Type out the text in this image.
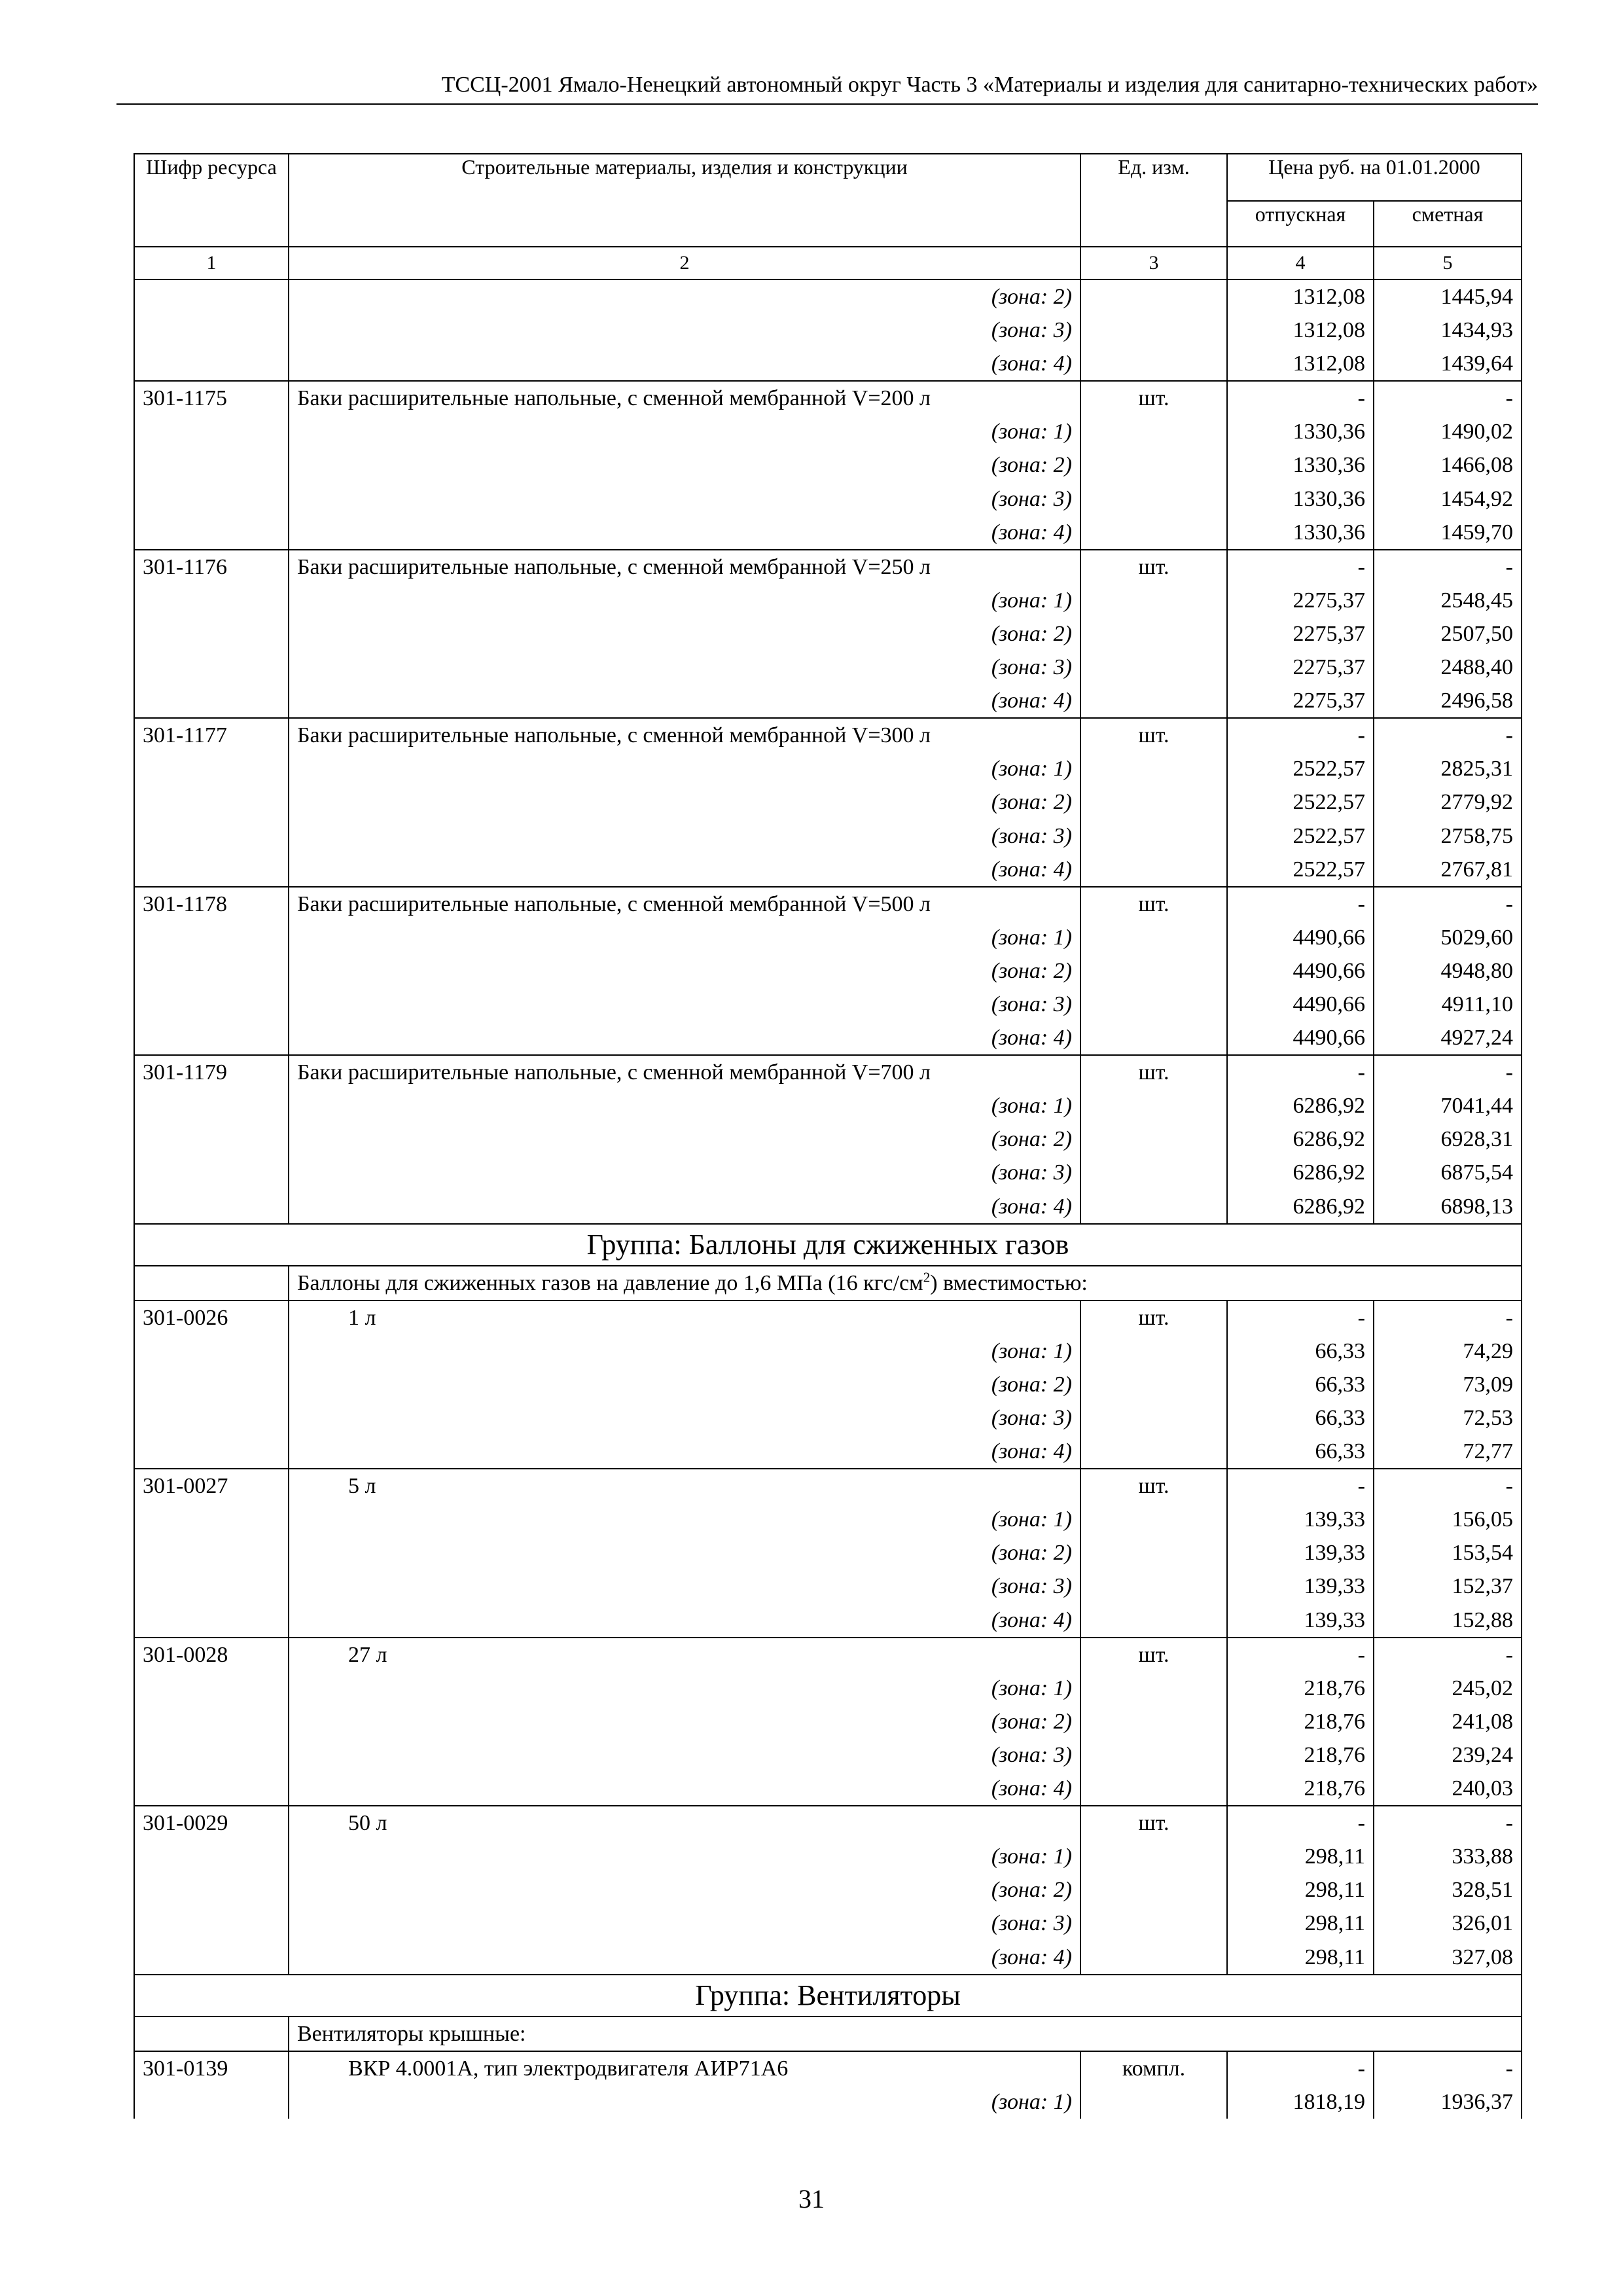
ТССЦ-2001 Ямало-Ненецкий автономный округ Часть 3 «Материалы и изделия для санитарно-технических работ»
Шифр ресурса	Строительные материалы, изделия и конструкции	Ед. изм.	Цена руб. на 01.01.2000	
			отпускная	сметная
1	2	3	4	5
	(зона: 2)		1312,08	1445,94
	(зона: 3)		1312,08	1434,93
	(зона: 4)		1312,08	1439,64
301-1175	Баки расширительные напольные, с сменной мембранной V=200 л	шт.	-	-
	(зона: 1)		1330,36	1490,02
	(зона: 2)		1330,36	1466,08
	(зона: 3)		1330,36	1454,92
	(зона: 4)		1330,36	1459,70
301-1176	Баки расширительные напольные, с сменной мембранной V=250 л	шт.	-	-
	(зона: 1)		2275,37	2548,45
	(зона: 2)		2275,37	2507,50
	(зона: 3)		2275,37	2488,40
	(зона: 4)		2275,37	2496,58
301-1177	Баки расширительные напольные, с сменной мембранной V=300 л	шт.	-	-
	(зона: 1)		2522,57	2825,31
	(зона: 2)		2522,57	2779,92
	(зона: 3)		2522,57	2758,75
	(зона: 4)		2522,57	2767,81
301-1178	Баки расширительные напольные, с сменной мембранной V=500 л	шт.	-	-
	(зона: 1)		4490,66	5029,60
	(зона: 2)		4490,66	4948,80
	(зона: 3)		4490,66	4911,10
	(зона: 4)		4490,66	4927,24
301-1179	Баки расширительные напольные, с сменной мембранной V=700 л	шт.	-	-
	(зона: 1)		6286,92	7041,44
	(зона: 2)		6286,92	6928,31
	(зона: 3)		6286,92	6875,54
	(зона: 4)		6286,92	6898,13
Группа: Баллоны для сжиженных газов				
	Баллоны для сжиженных газов на давление до 1,6 МПа (16 кгс/$см^2$) вместимостью:			
301-0026	1 л	шт.	-	-
	(зона: 1)		66,33	74,29
	(зона: 2)		66,33	73,09
	(зона: 3)		66,33	72,53
	(зона: 4)		66,33	72,77
301-0027	5 л	шт.	-	-
	(зона: 1)		139,33	156,05
	(зона: 2)		139,33	153,54
	(зона: 3)		139,33	152,37
	(зона: 4)		139,33	152,88
301-0028	27 л	шт.	-	-
	(зона: 1)		218,76	245,02
	(зона: 2)		218,76	241,08
	(зона: 3)		218,76	239,24
	(зона: 4)		218,76	240,03
301-0029	50 л	шт.	-	-
	(зона: 1)		298,11	333,88
	(зона: 2)		298,11	328,51
	(зона: 3)		298,11	326,01
	(зона: 4)		298,11	327,08
Группа: Вентиляторы				
	Вентиляторы крышные:			
301-0139	ВКР 4.0001А, тип электродвигателя АИР71А6	компл.	-	-
	(зона: 1)		1818,19	1936,37
31
